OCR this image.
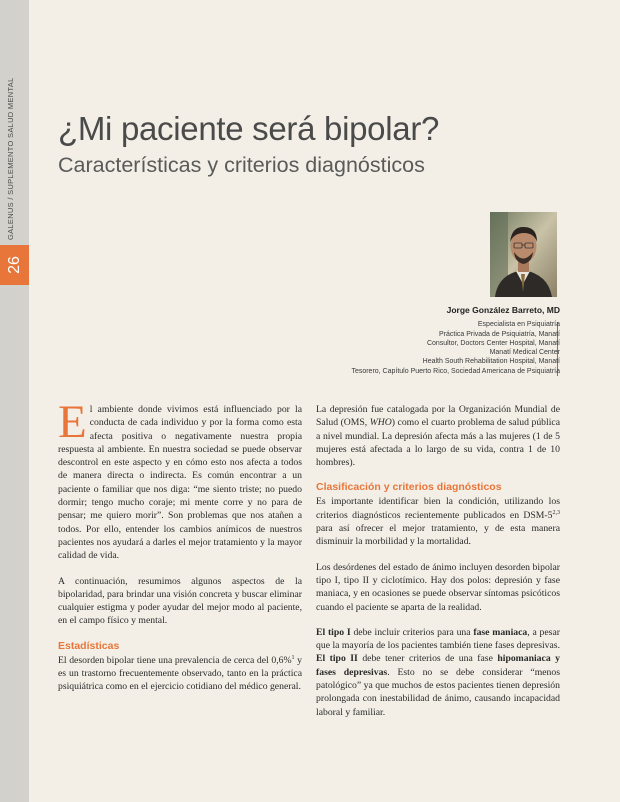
26
GALENUS / SUPLEMENTO SALUD MENTAL ¿Mi paciente será bipolar?
Características y criterios diagnósticos
Jorge González Barreto, MD
Especialista en Psiquiatría
Práctica Privada de Psiquiatría, Manatí
Consultor, Doctors Center Hospital, Manatí
Manatí Medical Center
Health South Rehabilitation Hospital, Manatí
Tesorero, Capítulo Puerto Rico, Sociedad Americana de Psiquiatría

El ambiente donde vivimos está influenciado por la conducta de cada individuo y por la forma como esta afecta positiva o negativamente nuestra propia respuesta al ambiente. En nuestra sociedad se puede observar descontrol en este aspecto y en cómo esto nos afecta a todos de manera directa o indirecta. Es común encontrar a un paciente o familiar que nos diga: “me siento triste; no puedo dormir; tengo mucho coraje; mi mente corre y no para de pensar; me quiero morir”. Son problemas que nos atañen a todos. Por ello, entender los cambios anímicos de nuestros pacientes nos ayudará a darles el mejor tratamiento y la mayor calidad de vida.

A continuación, resumimos algunos aspectos de la bipolaridad, para brindar una visión concreta y buscar eliminar cualquier estigma y poder ayudar del mejor modo al paciente, en el campo físico y mental.

Estadísticas

El desorden bipolar tiene una prevalencia de cerca del 0,6%$^1$ y es un trastorno frecuentemente observado, tanto en la práctica psiquiátrica como en el ejercicio cotidiano del médico general.

La depresión fue catalogada por la Organización Mundial de Salud (OMS, WHO) como el cuarto problema de salud pública a nivel mundial. La depresión afecta más a las mujeres (1 de 5 mujeres está afectada a lo largo de su vida, contra 1 de 10 hombres).

Clasificación y criterios diagnósticos

Es importante identificar bien la condición, utilizando los criterios diagnósticos recientemente publicados en DSM-5$^{2,3}$ para así ofrecer el mejor tratamiento, y de esta manera disminuir la morbilidad y la mortalidad.

Los desórdenes del estado de ánimo incluyen desorden bipolar tipo I, tipo II y ciclotímico. Hay dos polos: depresión y fase maniaca, y en ocasiones se puede observar síntomas psicóticos cuando el paciente se aparta de la realidad.

El tipo I debe incluir criterios para una fase maniaca, a pesar que la mayoría de los pacientes también tiene fases depresivas. El tipo II debe tener criterios de una fase hipomaniaca y fases depresivas. Esto no se debe considerar “menos patológico” ya que muchos de estos pacientes tienen depresión prolongada con inestabilidad de ánimo, causando incapacidad laboral y familiar.
